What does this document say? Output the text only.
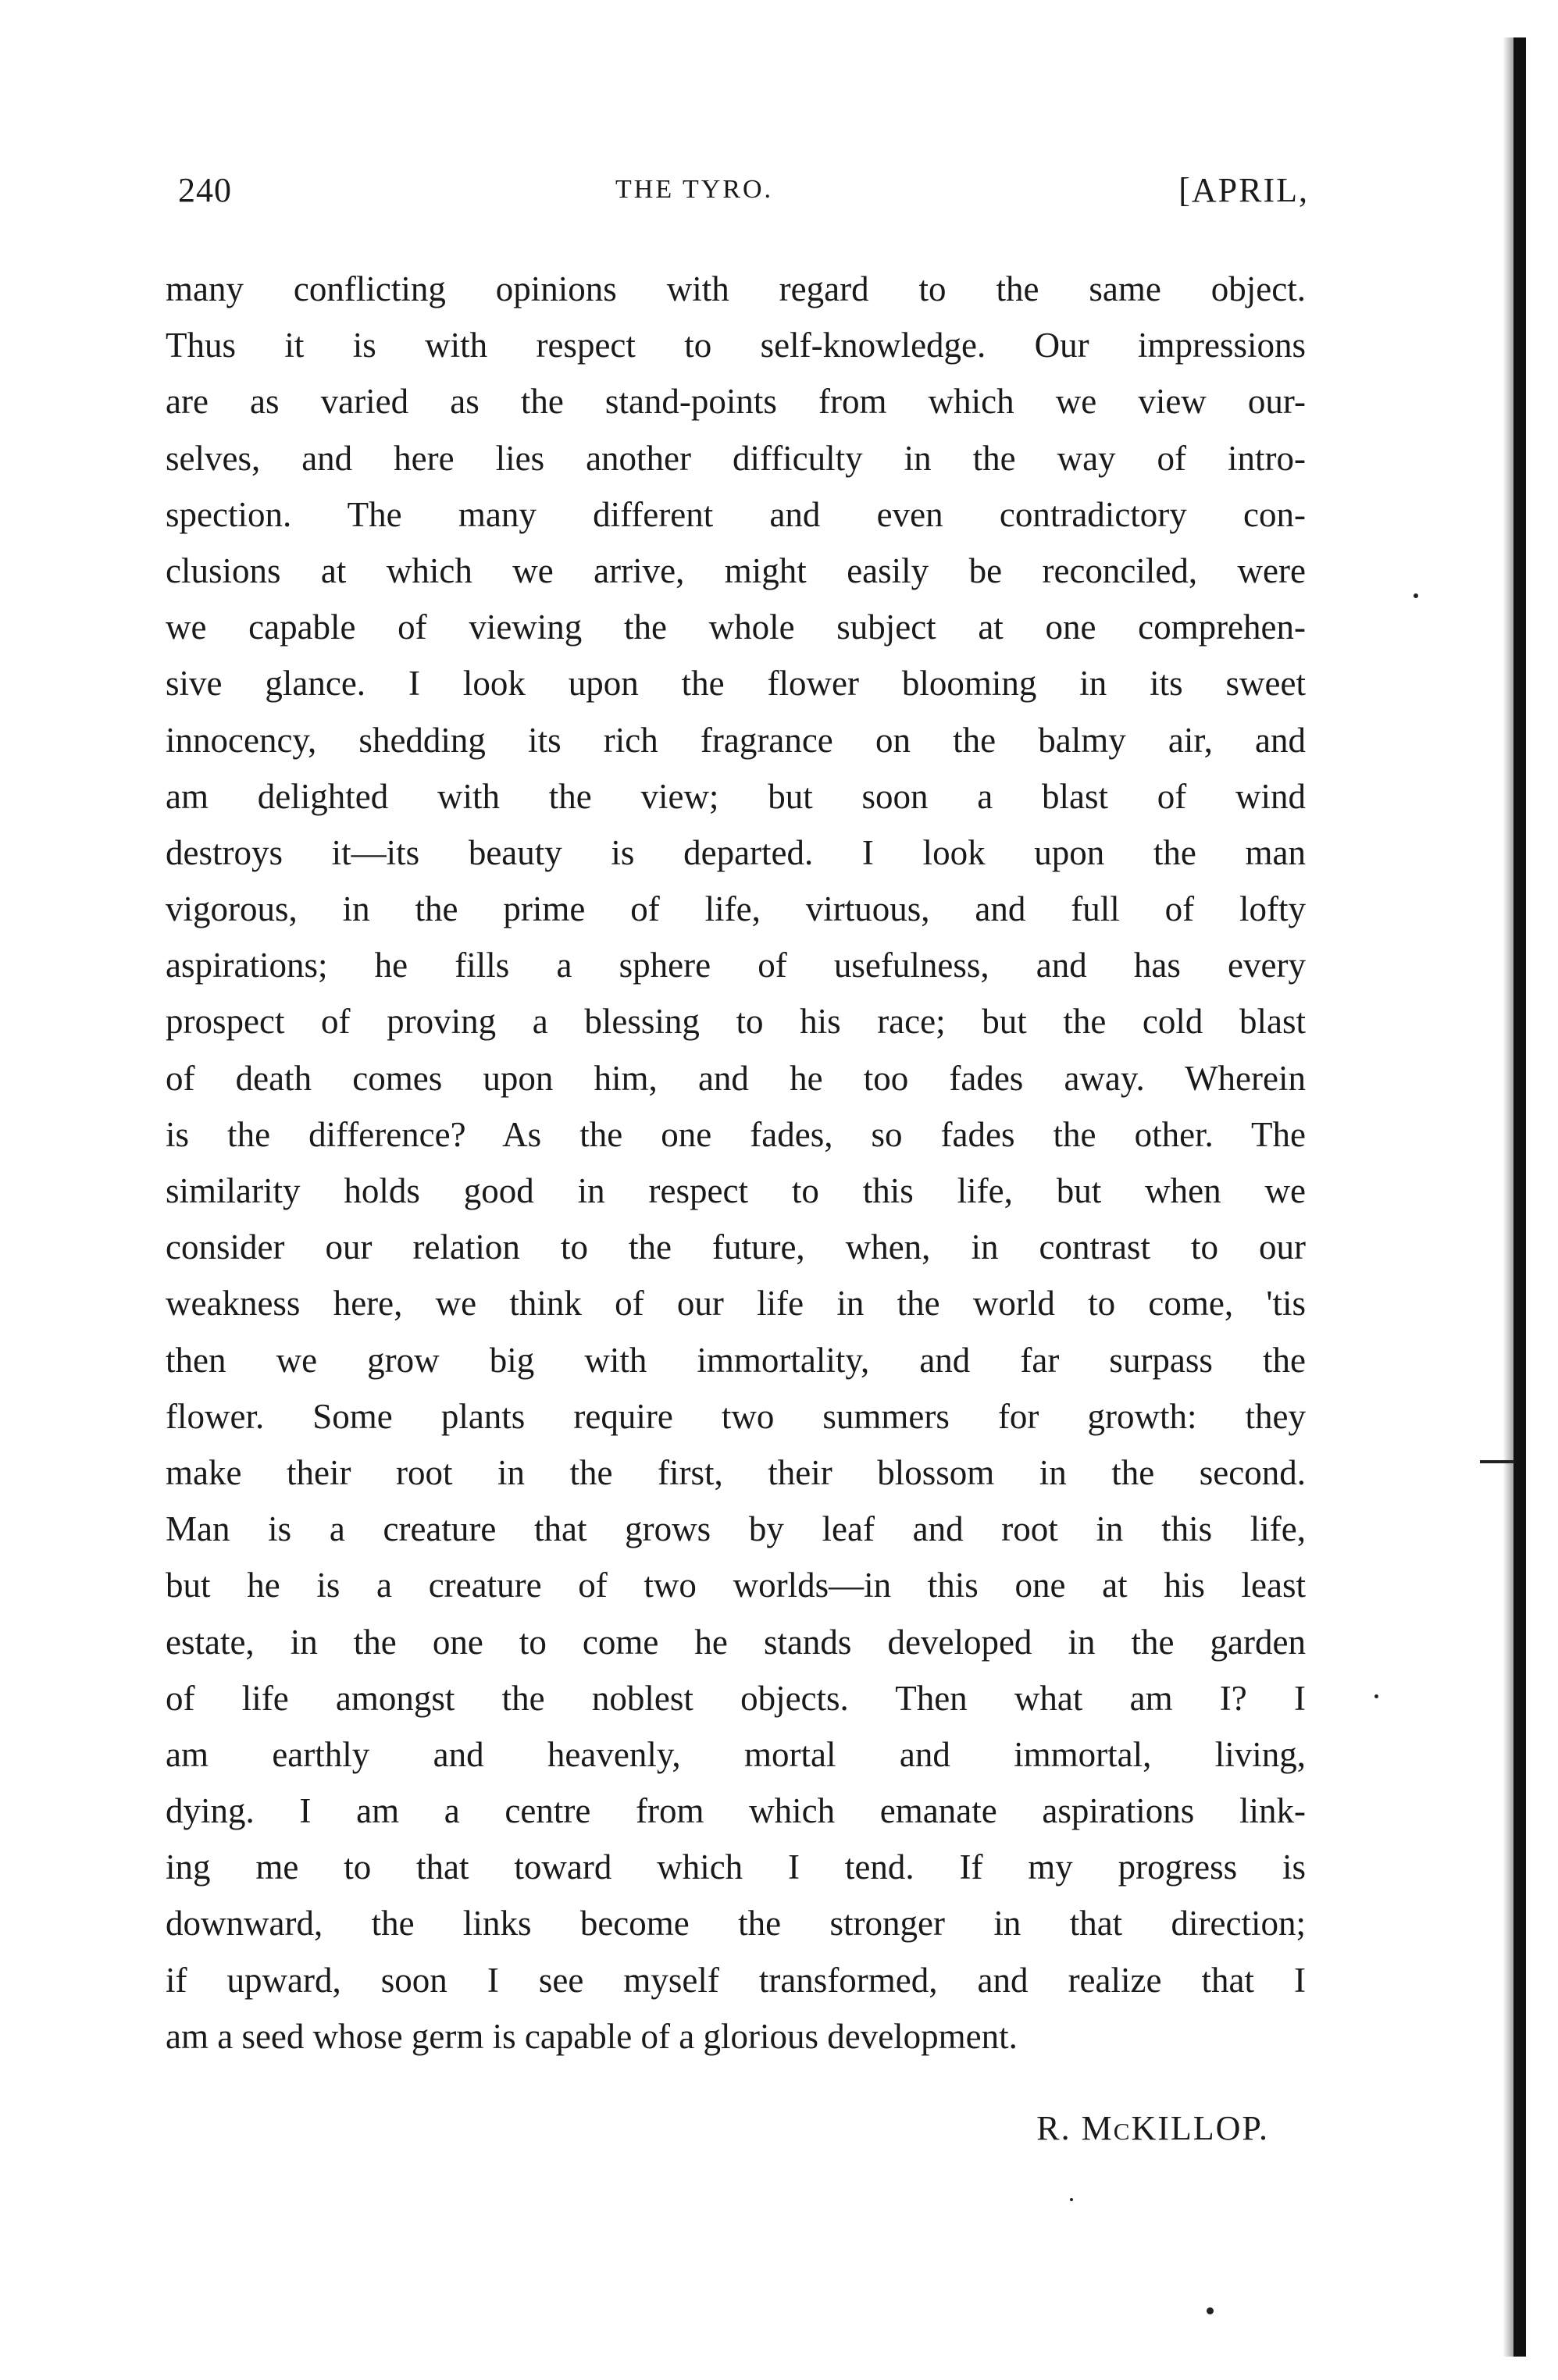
240	THE TYRO.	[APRIL,
many conflicting opinions with regard to the same object.
Thus it is with respect to self-knowledge. Our impressions
are as varied as the stand-points from which we view our-
selves, and here lies another difficulty in the way of intro-
spection. The many different and even contradictory con-
clusions at which we arrive, might easily be reconciled, were
we capable of viewing the whole subject at one comprehen-
sive glance. I look upon the flower blooming in its sweet
innocency, shedding its rich fragrance on the balmy air, and
am delighted with the view; but soon a blast of wind
destroys it—its beauty is departed. I look upon the man
vigorous, in the prime of life, virtuous, and full of lofty
aspirations; he fills a sphere of usefulness, and has every
prospect of proving a blessing to his race; but the cold blast
of death comes upon him, and he too fades away. Wherein
is the difference? As the one fades, so fades the other. The
similarity holds good in respect to this life, but when we
consider our relation to the future, when, in contrast to our
weakness here, we think of our life in the world to come, 'tis
then we grow big with immortality, and far surpass the
flower. Some plants require two summers for growth: they
make their root in the first, their blossom in the second.
Man is a creature that grows by leaf and root in this life,
but he is a creature of two worlds—in this one at his least
estate, in the one to come he stands developed in the garden
of life amongst the noblest objects. Then what am I? I
am earthly and heavenly, mortal and immortal, living,
dying. I am a centre from which emanate aspirations link-
ing me to that toward which I tend. If my progress is
downward, the links become the stronger in that direction;
if upward, soon I see myself transformed, and realize that I
am a seed whose germ is capable of a glorious development.
R. McKILLOP.
